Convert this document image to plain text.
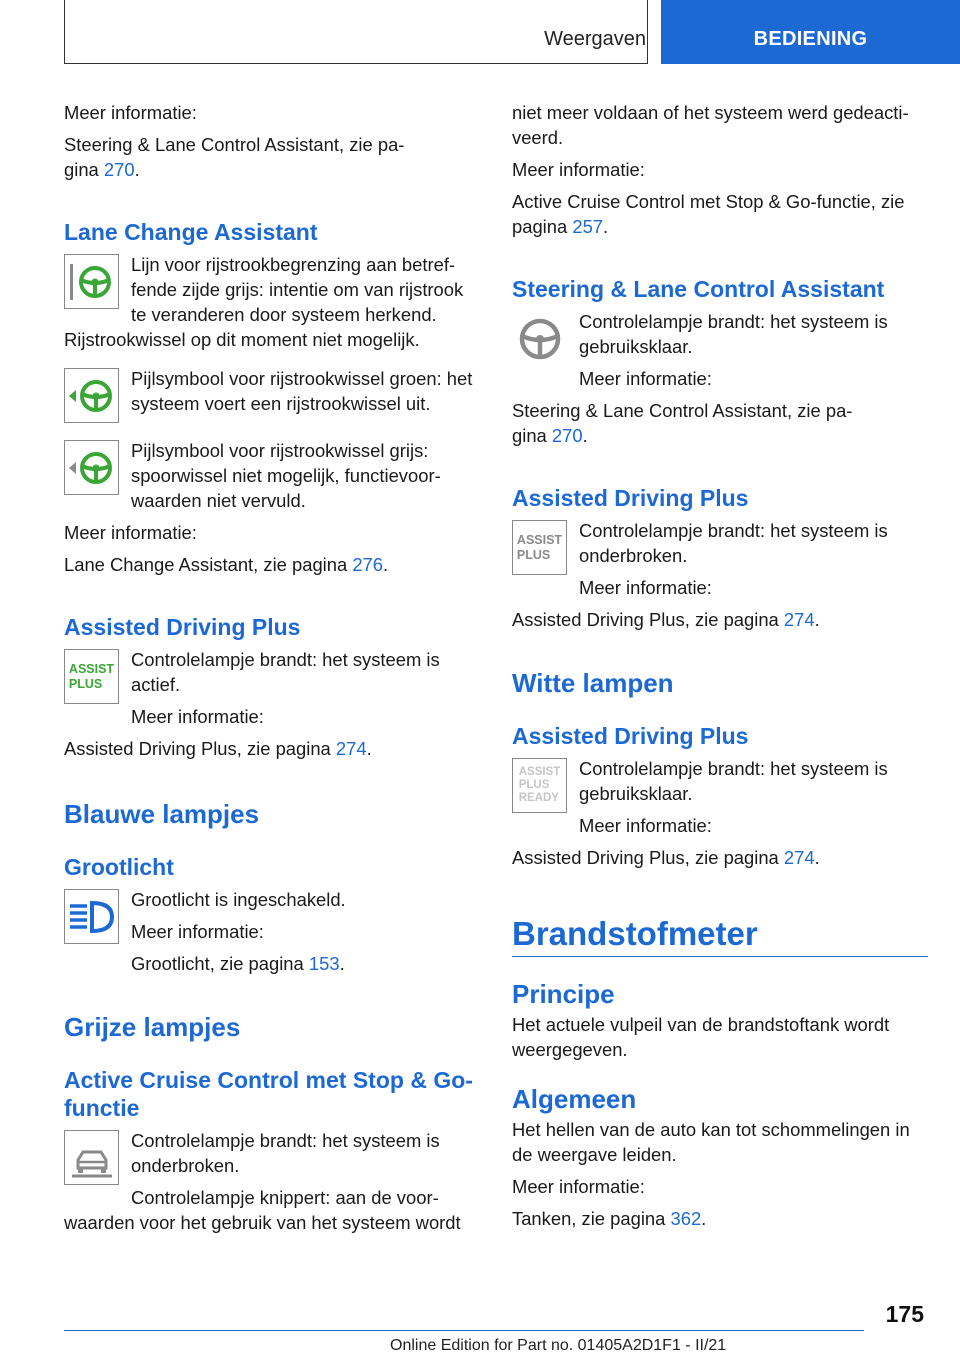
Weergaven	BEDIENING

Meer informatie:

Steering & Lane Control Assistant, zie pa‐
gina 270.

Lane Change Assistant

Lijn voor rijstrookbegrenzing aan betref‐fende zijde grijs: intentie om van rijstrook te veranderen door systeem herkend.

Rijstrookwissel op dit moment niet mogelijk.

Pijlsymbool voor rijstrookwissel groen: het systeem voert een rijstrookwissel uit.

Pijlsymbool voor rijstrookwissel grijs: spoorwissel niet mogelijk, functievoor‐waarden niet vervuld.

Meer informatie:

Lane Change Assistant, zie pagina 276.

Assisted Driving Plus
ASSIST
PLUS

Controlelampje brandt: het systeem is actief.

Meer informatie:

Assisted Driving Plus, zie pagina 274.

Blauwe lampjes
Grootlicht

Grootlicht is ingeschakeld.

Meer informatie:

Grootlicht, zie pagina 153.

Grijze lampjes
Active Cruise Control met Stop & Go-functie

Controlelampje brandt: het systeem is onderbroken.

Controlelampje knippert: aan de voor‐

waarden voor het gebruik van het systeem wordt

niet meer voldaan of het systeem werd gedeacti‐veerd.

Meer informatie:

Active Cruise Control met Stop & Go-functie, zie pagina 257.

Steering & Lane Control Assistant

Controlelampje brandt: het systeem is gebruiksklaar.

Meer informatie:

Steering & Lane Control Assistant, zie pa‐
gina 270.

Assisted Driving Plus
ASSIST
PLUS

Controlelampje brandt: het systeem is onderbroken.

Meer informatie:

Assisted Driving Plus, zie pagina 274.

Witte lampen
Assisted Driving Plus
ASSIST
PLUS
READY

Controlelampje brandt: het systeem is gebruiksklaar.

Meer informatie:

Assisted Driving Plus, zie pagina 274.

Brandstofmeter
Principe

Het actuele vulpeil van de brandstoftank wordt weergegeven.

Algemeen

Het hellen van de auto kan tot schommelingen in de weergave leiden.

Meer informatie:

Tanken, zie pagina 362.

175
Online Edition for Part no. 01405A2D1F1 - II/21
